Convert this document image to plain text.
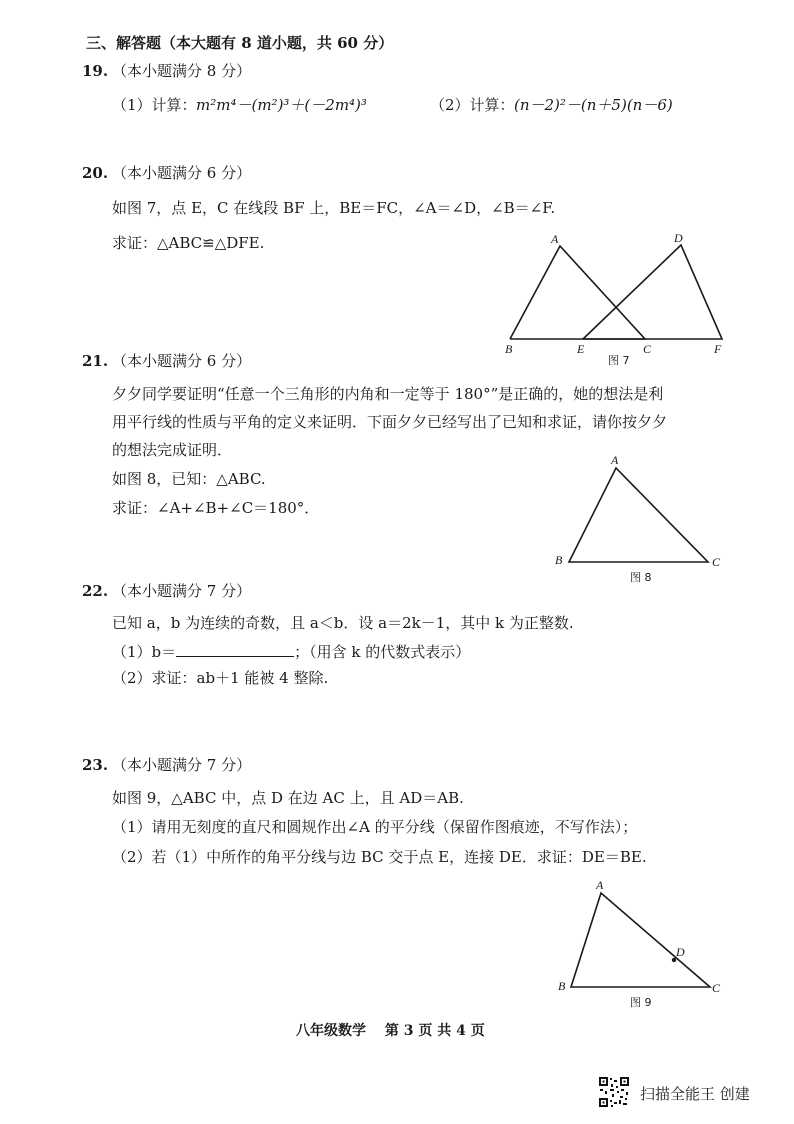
三、解答题（本大题有 8 道小题，共 60 分）
19. （本小题满分 8 分）
（1）计算： m²m⁴－(m²)³＋(－2m⁴)³	（2）计算： (n－2)²－(n＋5)(n－6)
20. （本小题满分 6 分）
如图 7，点 E，C 在线段 BF 上，BE＝FC，∠A＝∠D，∠B＝∠F.
求证：△ABC≌△DFE.
21. （本小题满分 6 分）
夕夕同学要证明“任意一个三角形的内角和一定等于 180°”是正确的，她的想法是利
用平行线的性质与平角的定义来证明．下面夕夕已经写出了已知和求证，请你按夕夕
的想法完成证明．
如图 8，已知：△ABC.
求证：∠A+∠B+∠C＝180°．
22. （本小题满分 7 分）
已知 a，b 为连续的奇数，且 a＜b．设 a＝2k－1，其中 k 为正整数.
（1）b＝	；（用含 k 的代数式表示）
（2）求证：ab＋1 能被 4 整除.
23. （本小题满分 7 分）
如图 9，△ABC 中，点 D 在边 AC 上，且 AD＝AB.
（1）请用无刻度的直尺和圆规作出∠A 的平分线（保留作图痕迹，不写作法）；
（2）若（1）中所作的角平分线与边 BC 交于点 E，连接 DE．求证：DE＝BE.
八年级数学　 第 3 页 共 4 页
A	D
B	E	C	F
图 7
A
B	C
图 8
A
D
B	C
图 9
扫描全能王 创建
